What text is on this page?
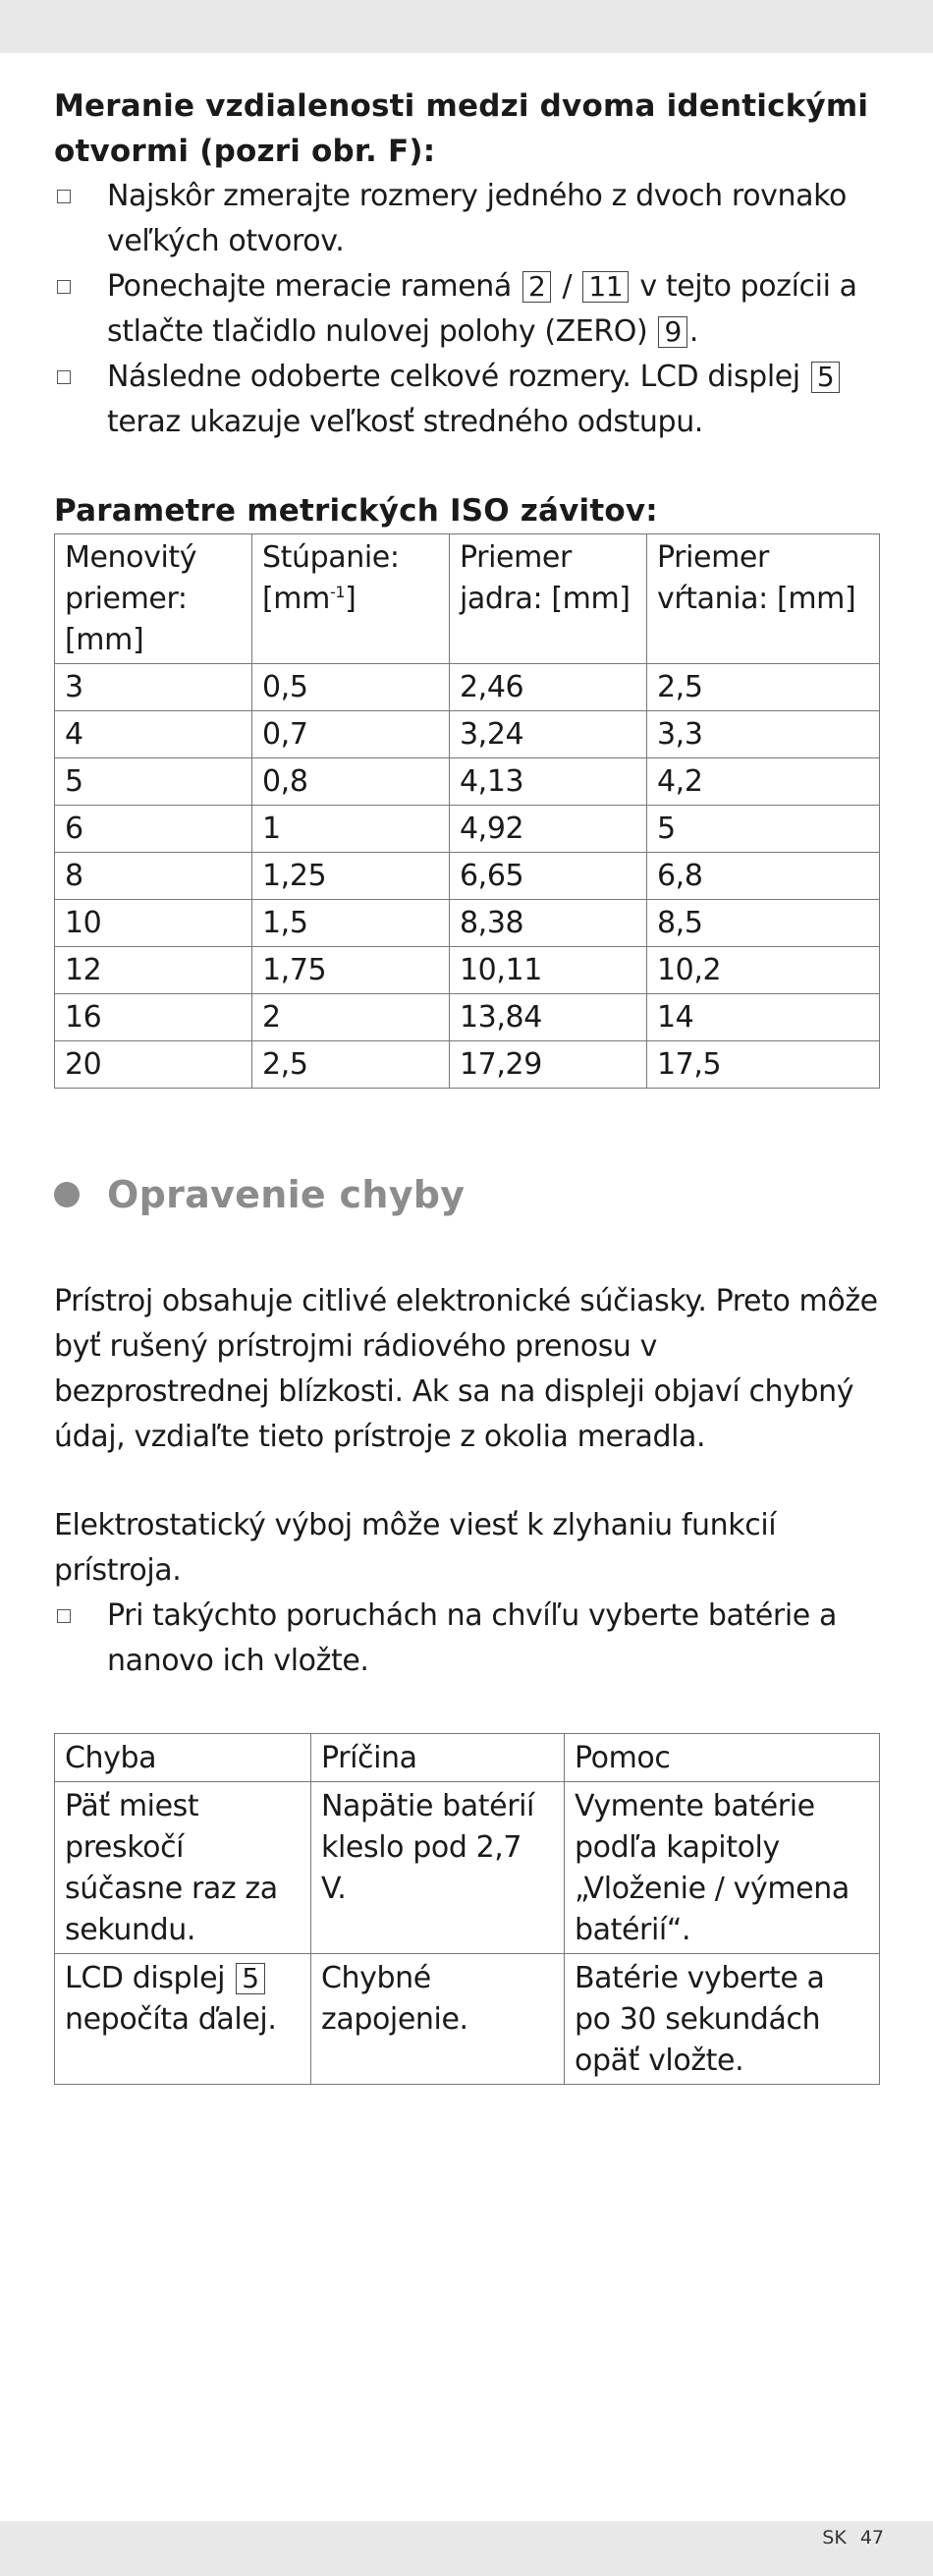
Meranie vzdialenosti medzi dvoma identickými
otvormi (pozri obr. F):
Najskôr zmerajte rozmery jedného z dvoch rovnako veľkých otvorov.
Ponechajte meracie ramená 2 / 11 v tejto pozícii a stlačte tlačidlo nulovej polohy (ZERO) 9 .
Následne odoberte celkové rozmery. LCD displej 5 teraz ukazuje veľkosť stredného odstupu.
Parametre metrických ISO závitov:
Menovitý priemer: [mm]	Stúpanie: $[mm^{-1}]$	Priemer jadra: [mm]	Priemer vŕtania: [mm]
3	0,5	2,46	2,5
4	0,7	3,24	3,3
5	0,8	4,13	4,2
6	1	4,92	5
8	1,25	6,65	6,8
10	1,5	8,38	8,5
12	1,75	10,11	10,2
16	2	13,84	14
20	2,5	17,29	17,5
Opravenie chyby

Prístroj obsahuje citlivé elektronické súčiasky. Preto môže byť rušený prístrojmi rádiového prenosu v bezprostrednej blízkosti. Ak sa na displeji objaví chybný údaj, vzdiaľte tieto prístroje z okolia meradla.

Elektrostatický výboj môže viesť k zlyhaniu funkcií prístroja.

Pri takýchto poruchách na chvíľu vyberte batérie a nanovo ich vložte.
Chyba	Príčina	Pomoc
Päť miest preskočí súčasne raz za sekundu.	Napätie batérií kleslo pod 2,7 V.	Vymente batérie podľa kapitoly „Vloženie / výmena batérií“.
LCD displej 5 nepočíta ďalej.	Chybné zapojenie.	Batérie vyberte a po 30 sekundách opäť vložte.
SK 47
